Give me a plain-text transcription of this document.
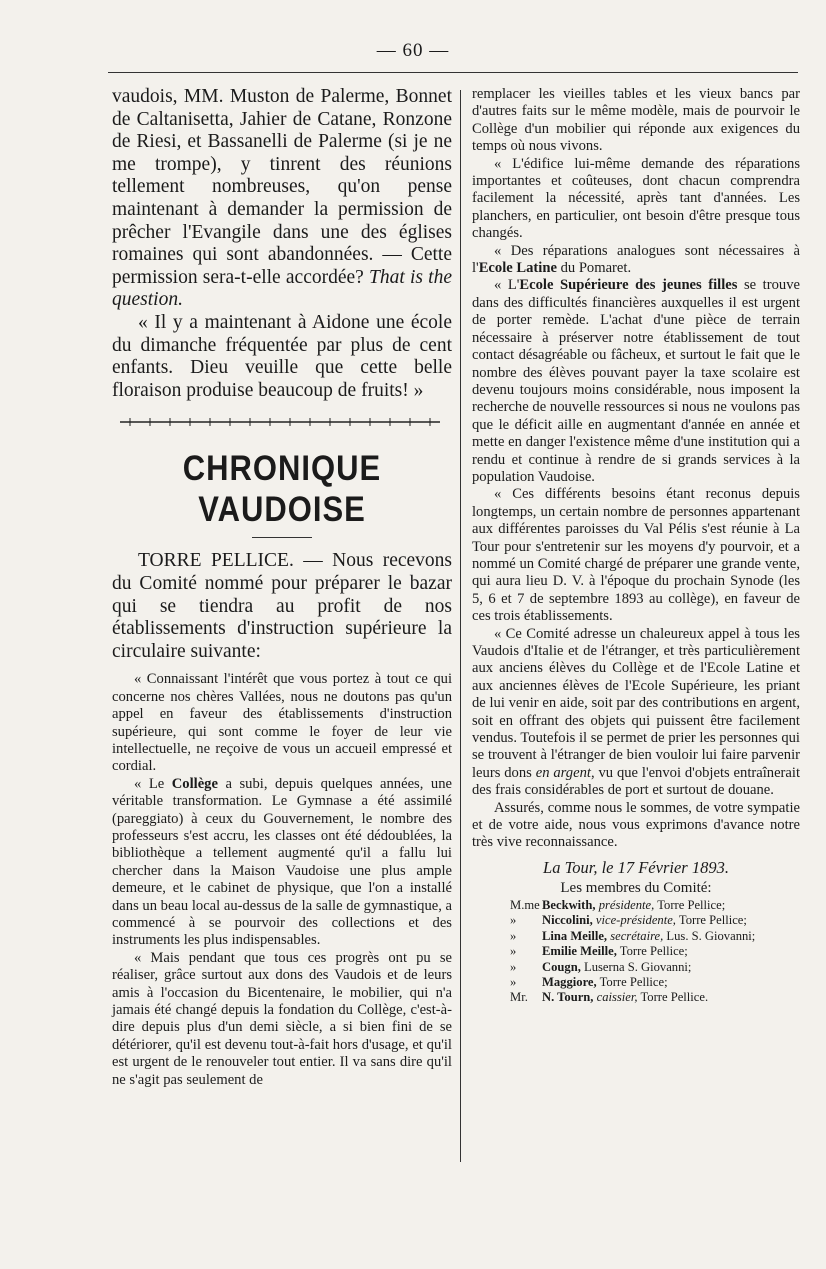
— 60 —

vaudois, MM. Muston de Palerme, Bonnet de Caltanisetta, Jahier de Catane, Ronzone de Riesi, et Bassanelli de Palerme (si je ne me trompe), y tinrent des réunions tellement nombreuses, qu'on pense maintenant à demander la permission de prêcher l'Evangile dans une des églises romaines qui sont abandonnées. — Cette permission sera-t-elle accordée? That is the question.

« Il y a maintenant à Aidone une école du dimanche fréquentée par plus de cent enfants. Dieu veuille que cette belle floraison produise beaucoup de fruits! »

CHRONIQUE VAUDOISE

TORRE PELLICE. — Nous recevons du Comité nommé pour préparer le bazar qui se tiendra au profit de nos établissements d'instruction supérieure la circulaire suivante:

« Connaissant l'intérêt que vous portez à tout ce qui concerne nos chères Vallées, nous ne doutons pas qu'un appel en faveur des établissements d'instruction supérieure, qui sont comme le foyer de leur vie intellectuelle, ne reçoive de vous un accueil empressé et cordial.

« Le Collège a subi, depuis quelques années, une véritable transformation. Le Gymnase a été assimilé (pareggiato) à ceux du Gouvernement, le nombre des professeurs s'est accru, les classes ont été dédoublées, la bibliothèque a tellement augmenté qu'il a fallu lui chercher dans la Maison Vaudoise une plus ample demeure, et le cabinet de physique, que l'on a installé dans un beau local au-dessus de la salle de gymnastique, a commencé à se pourvoir des collections et des instruments les plus indispensables.

« Mais pendant que tous ces progrès ont pu se réaliser, grâce surtout aux dons des Vaudois et de leurs amis à l'occasion du Bicentenaire, le mobilier, qui n'a jamais été changé depuis la fondation du Collège, c'est-à-dire depuis plus d'un demi siècle, a si bien fini de se détériorer, qu'il est devenu tout-à-fait hors d'usage, et qu'il est urgent de le renouveler tout entier. Il va sans dire qu'il ne s'agit pas seulement de

remplacer les vieilles tables et les vieux bancs par d'autres faits sur le même modèle, mais de pourvoir le Collège d'un mobilier qui réponde aux exigences du temps où nous vivons.

« L'édifice lui-même demande des réparations importantes et coûteuses, dont chacun comprendra facilement la nécessité, après tant d'années. Les planchers, en particulier, ont besoin d'être presque tous changés.

« Des réparations analogues sont nécessaires à l'Ecole Latine du Pomaret.

« L'Ecole Supérieure des jeunes filles se trouve dans des difficultés financières auxquelles il est urgent de porter remède. L'achat d'une pièce de terrain nécessaire à préserver notre établissement de tout contact désagréable ou fâcheux, et surtout le fait que le nombre des élèves pouvant payer la taxe scolaire est devenu toujours moins considérable, nous imposent la recherche de nouvelle ressources si nous ne voulons pas que le déficit aille en augmentant d'année en année et mette en danger l'existence même d'une institution qui a rendu et continue à rendre de si grands services à la population Vaudoise.

« Ces différents besoins étant reconus depuis longtemps, un certain nombre de personnes appartenant aux différentes paroisses du Val Pélis s'est réunie à La Tour pour s'entretenir sur les moyens d'y pourvoir, et a nommé un Comité chargé de préparer une grande vente, qui aura lieu D. V. à l'époque du prochain Synode (les 5, 6 et 7 de septembre 1893 au collège), en faveur de ces trois établissements.

« Ce Comité adresse un chaleureux appel à tous les Vaudois d'Italie et de l'étranger, et très particulièrement aux anciens élèves du Collège et de l'Ecole Latine et aux anciennes élèves de l'Ecole Supérieure, les priant de lui venir en aide, soit par des contributions en argent, soit en offrant des objets qui puissent être facilement vendus. Toutefois il se permet de prier les personnes qui se trouvent à l'étranger de bien vouloir lui faire parvenir leurs dons en argent, vu que l'envoi d'objets entraînerait des frais considérables de port et surtout de douane.

Assurés, comme nous le sommes, de votre sympatie et de votre aide, nous vous exprimons d'avance notre très vive reconnaissance.

La Tour, le 17 Février 1893.
Les membres du Comité:
M.me Beckwith, présidente, Torre Pellice;
»	Niccolini, vice-présidente, Torre Pellice;
»	Lina Meille, secrétaire, Lus. S. Giovanni;
»	Emilie Meille, Torre Pellice;
»	Cougn, Luserna S. Giovanni;
»	Maggiore, Torre Pellice;
Mr.	N. Tourn, caissier, Torre Pellice.
